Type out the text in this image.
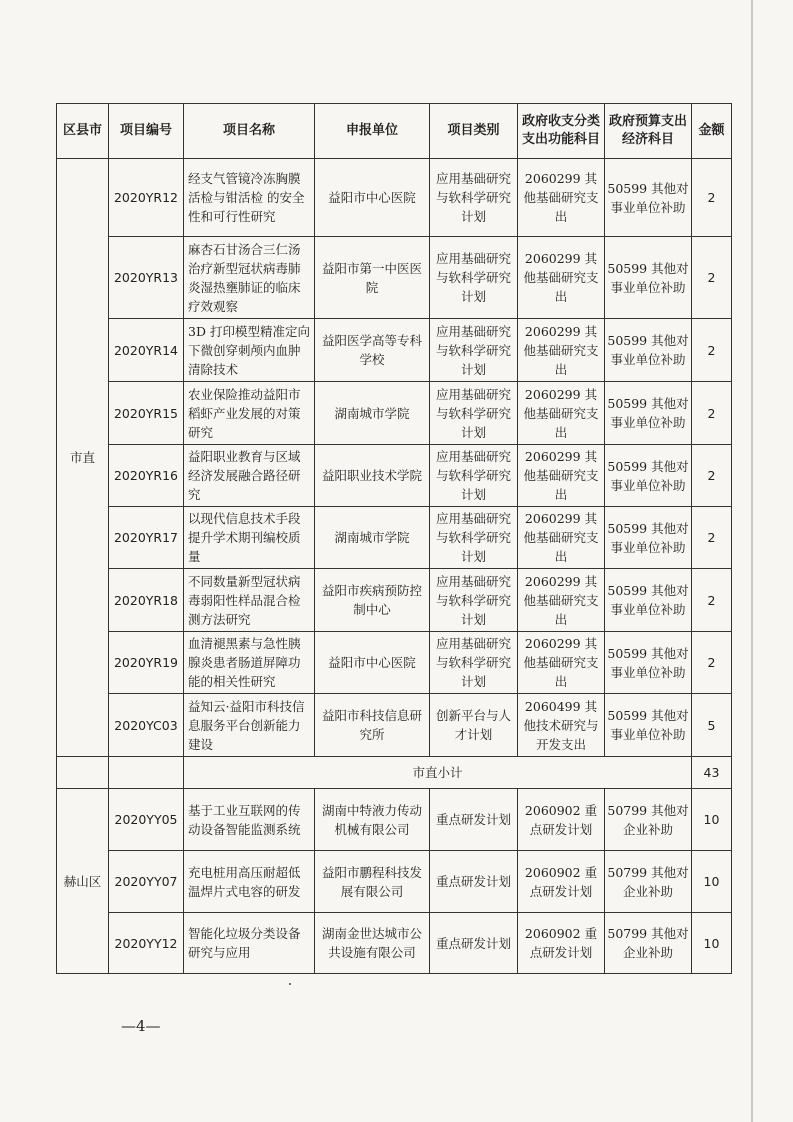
区县市	项目编号	项目名称	申报单位	项目类别	政府收支分类支出功能科目	政府预算支出经济科目	金额
市直	2020YR12	经支气管镜冷冻胸膜活检与钳活检 的安全性和可行性研究	益阳市中心医院	应用基础研究与软科学研究计划	2060299 其他基础研究支出	50599 其他对事业单位补助	2
	2020YR13	麻杏石甘汤合三仁汤治疗新型冠状病毒肺炎湿热壅肺证的临床疗效观察	益阳市第一中医医院	应用基础研究与软科学研究计划	2060299 其他基础研究支出	50599 其他对事业单位补助	2
	2020YR14	3D 打印模型精准定向下微创穿刺颅内血肿清除技术	益阳医学高等专科学校	应用基础研究与软科学研究计划	2060299 其他基础研究支出	50599 其他对事业单位补助	2
	2020YR15	农业保险推动益阳市稻虾产业发展的对策研究	湖南城市学院	应用基础研究与软科学研究计划	2060299 其他基础研究支出	50599 其他对事业单位补助	2
	2020YR16	益阳职业教育与区域经济发展融合路径研究	益阳职业技术学院	应用基础研究与软科学研究计划	2060299 其他基础研究支出	50599 其他对事业单位补助	2
	2020YR17	以现代信息技术手段提升学术期刊编校质量	湖南城市学院	应用基础研究与软科学研究计划	2060299 其他基础研究支出	50599 其他对事业单位补助	2
	2020YR18	不同数量新型冠状病毒弱阳性样品混合检测方法研究	益阳市疾病预防控制中心	应用基础研究与软科学研究计划	2060299 其他基础研究支出	50599 其他对事业单位补助	2
	2020YR19	血清褪黑素与急性胰腺炎患者肠道屏障功能的相关性研究	益阳市中心医院	应用基础研究与软科学研究计划	2060299 其他基础研究支出	50599 其他对事业单位补助	2
	2020YC03	益知云·益阳市科技信息服务平台创新能力建设	益阳市科技信息研究所	创新平台与人才计划	2060499 其他技术研究与开发支出	50599 其他对事业单位补助	5
		市直小计					43
赫山区	2020YY05	基于工业互联网的传动设备智能监测系统	湖南中特液力传动机械有限公司	重点研发计划	2060902 重点研发计划	50799 其他对企业补助	10
	2020YY07	充电桩用高压耐超低温焊片式电容的研发	益阳市鹏程科技发展有限公司	重点研发计划	2060902 重点研发计划	50799 其他对企业补助	10
	2020YY12	智能化垃圾分类设备研究与应用	湖南金世达城市公共设施有限公司	重点研发计划	2060902 重点研发计划	50799 其他对企业补助	10
—4—
